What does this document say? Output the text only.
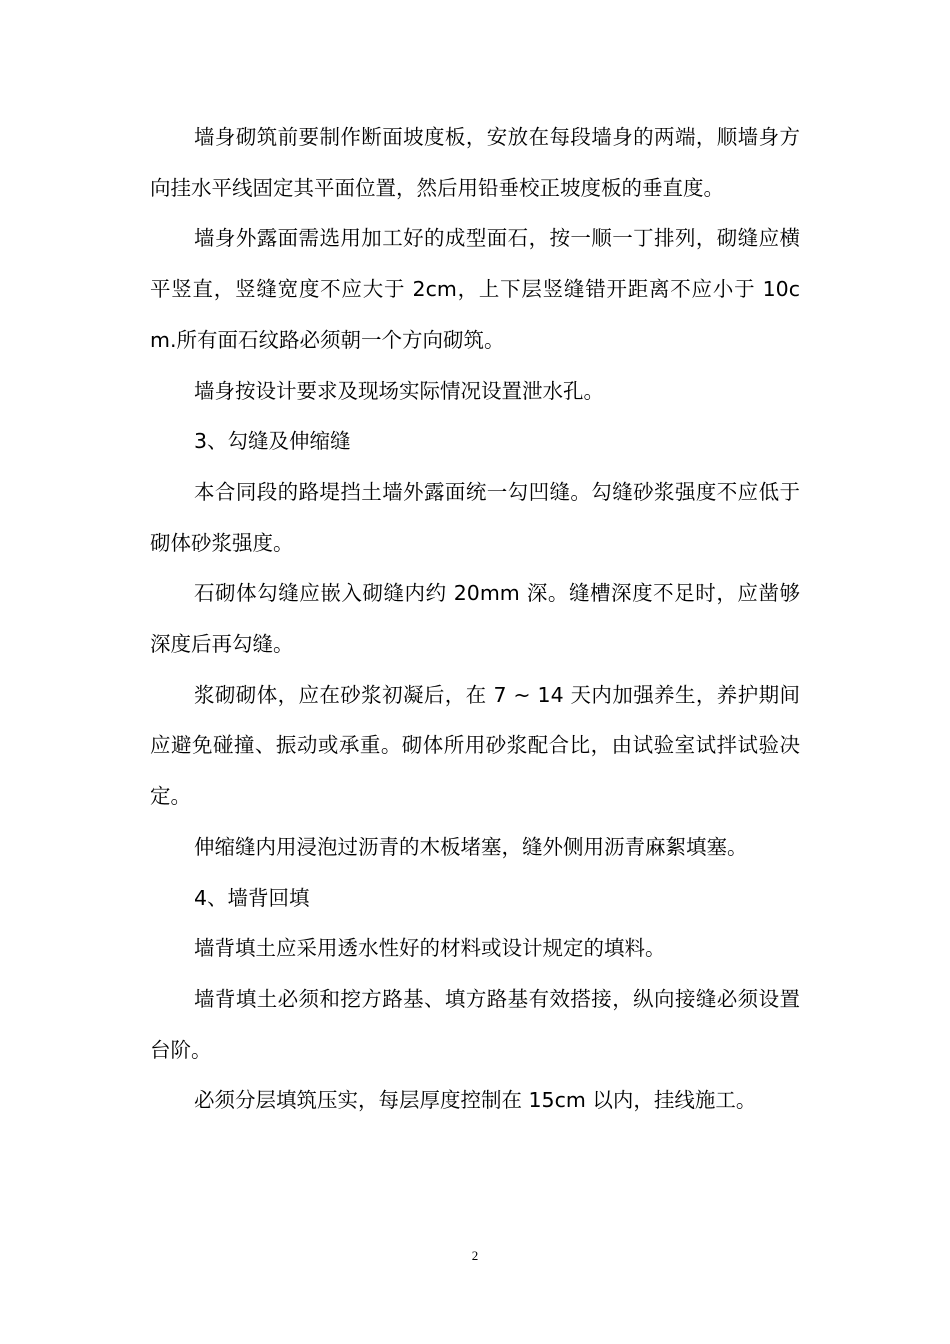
墙身砌筑前要制作断面坡度板，安放在每段墙身的两端，顺墙身方向挂水平线固定其平面位置，然后用铅垂校正坡度板的垂直度。

墙身外露面需选用加工好的成型面石，按一顺一丁排列，砌缝应横平竖直，竖缝宽度不应大于 2cm，上下层竖缝错开距离不应小于 10cm.所有面石纹路必须朝一个方向砌筑。

墙身按设计要求及现场实际情况设置泄水孔。

3、勾缝及伸缩缝

本合同段的路堤挡土墙外露面统一勾凹缝。勾缝砂浆强度不应低于砌体砂浆强度。

石砌体勾缝应嵌入砌缝内约 20mm 深。缝槽深度不足时，应凿够深度后再勾缝。

浆砌砌体，应在砂浆初凝后，在 7 ~ 14 天内加强养生，养护期间应避免碰撞、振动或承重。砌体所用砂浆配合比，由试验室试拌试验决定。

伸缩缝内用浸泡过沥青的木板堵塞，缝外侧用沥青麻絮填塞。

4、墙背回填

墙背填土应采用透水性好的材料或设计规定的填料。

墙背填土必须和挖方路基、填方路基有效搭接，纵向接缝必须设置台阶。

必须分层填筑压实，每层厚度控制在 15cm 以内，挂线施工。

2
